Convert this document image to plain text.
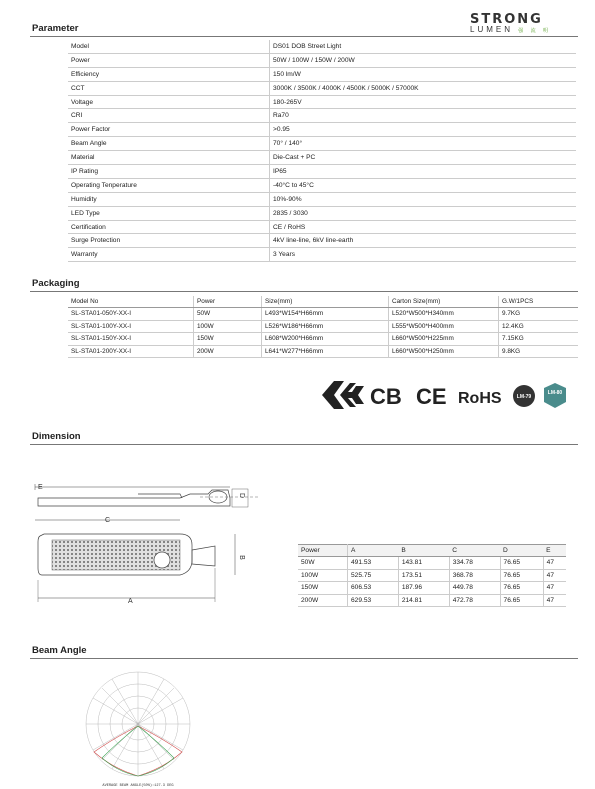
Parameter
STRONG
LUMEN 强 流 明
Model	DS01 DOB Street Light
Power	50W / 100W / 150W / 200W
Efficiency	150 lm/W
CCT	3000K / 3500K / 4000K / 4500K / 5000K / 57000K
Voltage	180-265V
CRI	Ra70
Power Factor	>0.95
Beam Angle	70° / 140°
Material	Die-Cast + PC
IP Rating	IP65
Operating Tenperature	-40°C to 45°C
Humidity	10%-90%
LED Type	2835 / 3030
Certification	CE / RoHS
Surge Protection	4kV line-line, 6kV line-earth
Warranty	3 Years
Packaging
Model No	Power	Size(mm)	Carton Size(mm)	G.W/1PCS
SL-STA01-050Y-XX-I	50W	L493*W154*H66mm	L520*W500*H340mm	9.7KG
SL-STA01-100Y-XX-I	100W	L526*W186*H66mm	L555*W500*H400mm	12.4KG
SL-STA01-150Y-XX-I	150W	L608*W200*H66mm	L660*W500*H225mm	7.15KG
SL-STA01-200Y-XX-I	200W	L641*W277*H66mm	L660*W500*H250mm	9.8KG
CB CE RoHS	LM-79
LM-80
Dimension
E
D
C
B
A
Power	A	B	C	D	E
50W	491.53	143.81	334.78	76.65	47
100W	525.75	173.51	368.78	76.65	47
150W	606.53	187.96	449.78	76.65	47
200W	629.53	214.81	472.78	76.65	47
Beam Angle
AVERAGE BEAM ANGLE(50%):127.3 DEG
